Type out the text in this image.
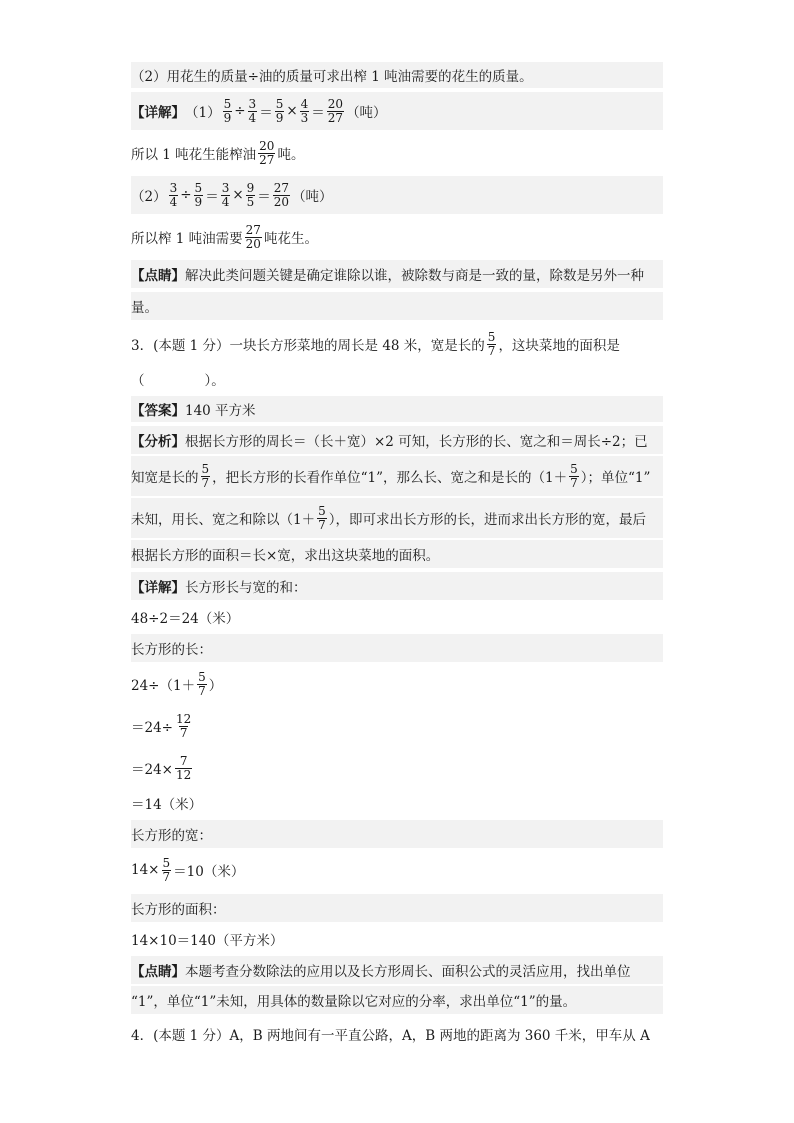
（2）用花生的质量÷油的质量可求出榨 1 吨油需要的花生的质量。
【详解】 $(1) \frac{5}{9} \div \frac{3}{4} = \frac{5}{9} \times \frac{4}{3} = \frac{20}{27}$ （吨）
所以 1 吨花生能榨油 $\frac{20}{27}$ 吨。
$(2) \frac{3}{4} \div \frac{5}{9} = \frac{3}{4} \times \frac{9}{5} = \frac{27}{20}$ （吨）
所以榨 1 吨油需要 $\frac{27}{20}$ 吨花生。
【点睛】 解决此类问题关键是确定谁除以谁，被除数与商是一致的量，除数是另外一种
量。
3．(本题 1 分）一块长方形菜地的周长是 48 米，宽是长的 $\frac{5}{7}$ ，这块菜地的面积是
（	）。
【答案】 140 平方米
【分析】 根据长方形的周长＝（长＋宽）×2 可知，长方形的长、宽之和＝周长÷2；已
知宽是长的 $\frac{5}{7}$ ，把长方形的长看作单位“1”，那么长、宽之和是长的（$1+ \frac{5}{7}$ ）；单位“1”
未知，用长、宽之和除以（$1+ \frac{5}{7}$ ），即可求出长方形的长，进而求出长方形的宽，最后
根据长方形的面积＝长×宽，求出这块菜地的面积。
【详解】 长方形长与宽的和：
48÷2＝24（米）
长方形的长：
$24\div(1+ \frac{5}{7}$ ）
$=24\div \frac{12}{7}$
$=24\times \frac{7}{12}$
＝14（米）
长方形的宽：
$14\times \frac{5}{7} =10$（米）
长方形的面积：
14×10＝140（平方米）
【点睛】 本题考查分数除法的应用以及长方形周长、面积公式的灵活应用，找出单位
“1”，单位“1”未知，用具体的数量除以它对应的分率，求出单位“1”的量。
4．(本题 1 分）A，B 两地间有一平直公路，A，B 两地的距离为 360 千米，甲车从 A
